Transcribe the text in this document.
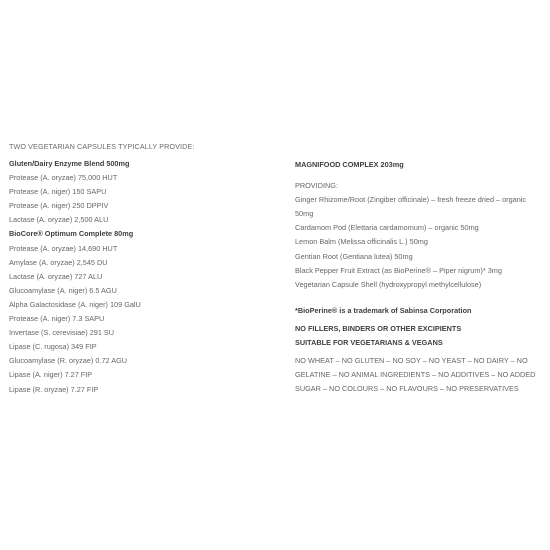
TWO VEGETARIAN CAPSULES TYPICALLY PROVIDE:
Gluten/Dairy Enzyme Blend 500mg
Protease (A. oryzae) 75,000 HUT
Protease (A. niger) 150 SAPU
Protease (A. niger) 250 DPPIV
Lactase (A. oryzae) 2,500 ALU
BioCore® Optimum Complete 80mg
Protease (A. oryzae) 14,690 HUT
Amylase (A. oryzae) 2,545 DU
Lactase (A. oryzae) 727 ALU
Glucoamylase (A. niger) 6.5 AGU
Alpha Galactosidase (A. niger) 109 GalU
Protease (A. niger) 7.3 SAPU
Invertase (S. cerevisiae) 291 SU
Lipase (C. rugosa) 349 FIP
Glucoamylase (R. oryzae) 0.72 AGU
Lipase (A. niger) 7.27 FIP
Lipase (R. oryzae) 7.27 FIP
MAGNIFOOD COMPLEX 203mg
PROVIDING:
Ginger Rhizome/Root (Zingiber officinale) – fresh freeze dried – organic 50mg
Cardamom Pod (Elettaria cardamomum) – organic 50mg
Lemon Balm (Melissa officinalis L.) 50mg
Gentian Root (Gentiana lutea) 50mg
Black Pepper Fruit Extract (as BioPerine® – Piper nigrum)* 3mg
Vegetarian Capsule Shell (hydroxypropyl methylcellulose)
*BioPerine® is a trademark of Sabinsa Corporation
NO FILLERS, BINDERS OR OTHER EXCIPIENTS
SUITABLE FOR VEGETARIANS & VEGANS
NO WHEAT – NO GLUTEN – NO SOY – NO YEAST – NO DAIRY – NO
GELATINE – NO ANIMAL INGREDIENTS – NO ADDITIVES – NO ADDED
SUGAR – NO COLOURS – NO FLAVOURS – NO PRESERVATIVES
